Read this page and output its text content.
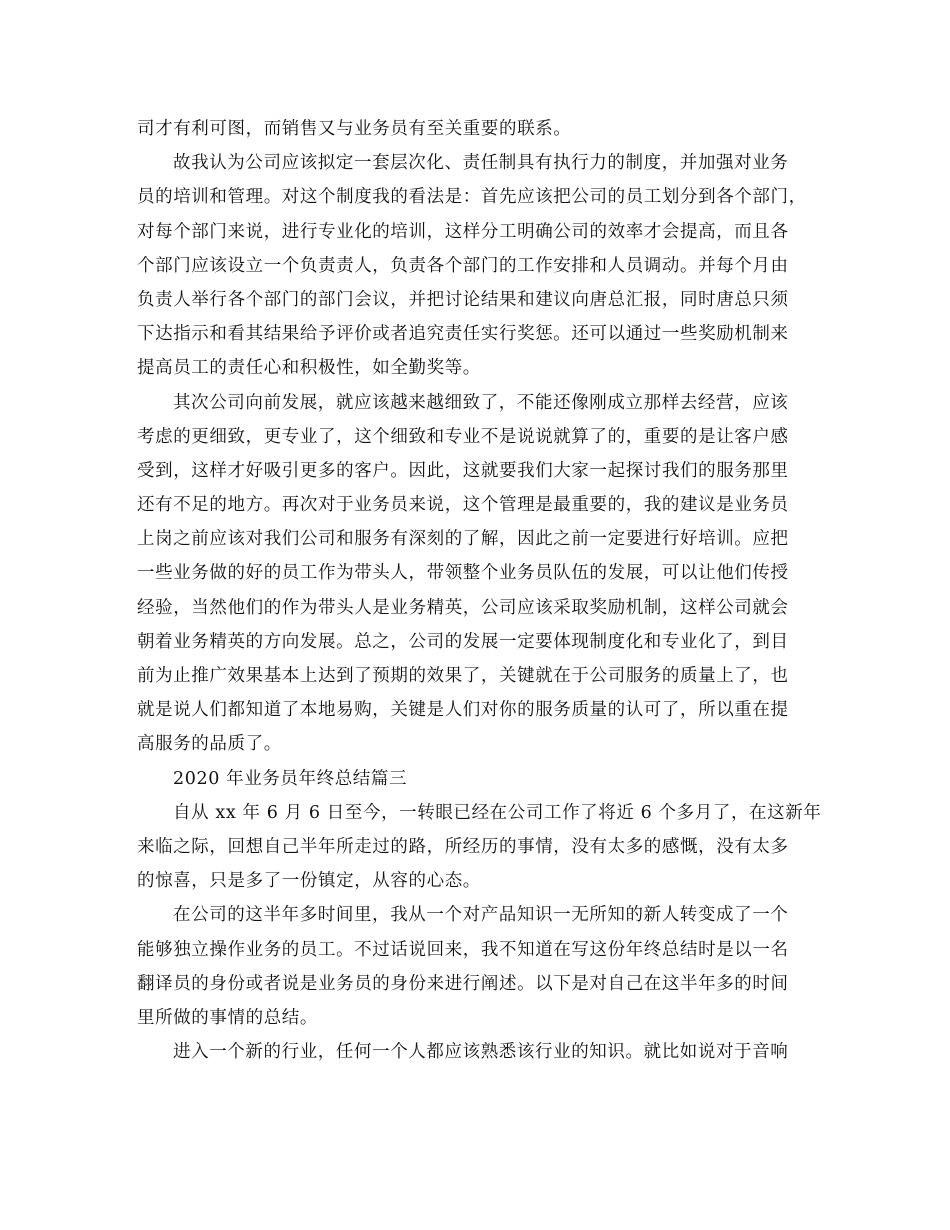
司才有利可图，而销售又与业务员有至关重要的联系。
故我认为公司应该拟定一套层次化、责任制具有执行力的制度，并加强对业务
员的培训和管理。对这个制度我的看法是：首先应该把公司的员工划分到各个部门，
对每个部门来说，进行专业化的培训，这样分工明确公司的效率才会提高，而且各
个部门应该设立一个负责责人，负责各个部门的工作安排和人员调动。并每个月由
负责人举行各个部门的部门会议，并把讨论结果和建议向唐总汇报，同时唐总只须
下达指示和看其结果给予评价或者追究责任实行奖惩。还可以通过一些奖励机制来
提高员工的责任心和积极性，如全勤奖等。
其次公司向前发展，就应该越来越细致了，不能还像刚成立那样去经营，应该
考虑的更细致，更专业了，这个细致和专业不是说说就算了的，重要的是让客户感
受到，这样才好吸引更多的客户。因此，这就要我们大家一起探讨我们的服务那里
还有不足的地方。再次对于业务员来说，这个管理是最重要的，我的建议是业务员
上岗之前应该对我们公司和服务有深刻的了解，因此之前一定要进行好培训。应把
一些业务做的好的员工作为带头人，带领整个业务员队伍的发展，可以让他们传授
经验，当然他们的作为带头人是业务精英，公司应该采取奖励机制，这样公司就会
朝着业务精英的方向发展。总之，公司的发展一定要体现制度化和专业化了，到目
前为止推广效果基本上达到了预期的效果了，关键就在于公司服务的质量上了，也
就是说人们都知道了本地易购，关键是人们对你的服务质量的认可了，所以重在提
高服务的品质了。
2020 年业务员年终总结篇三
自从 xx 年 6 月 6 日至今，一转眼已经在公司工作了将近 6 个多月了，在这新年
来临之际，回想自己半年所走过的路，所经历的事情，没有太多的感慨，没有太多
的惊喜，只是多了一份镇定，从容的心态。
在公司的这半年多时间里，我从一个对产品知识一无所知的新人转变成了一个
能够独立操作业务的员工。不过话说回来，我不知道在写这份年终总结时是以一名
翻译员的身份或者说是业务员的身份来进行阐述。以下是对自己在这半年多的时间
里所做的事情的总结。
进入一个新的行业，任何一个人都应该熟悉该行业的知识。就比如说对于音响
